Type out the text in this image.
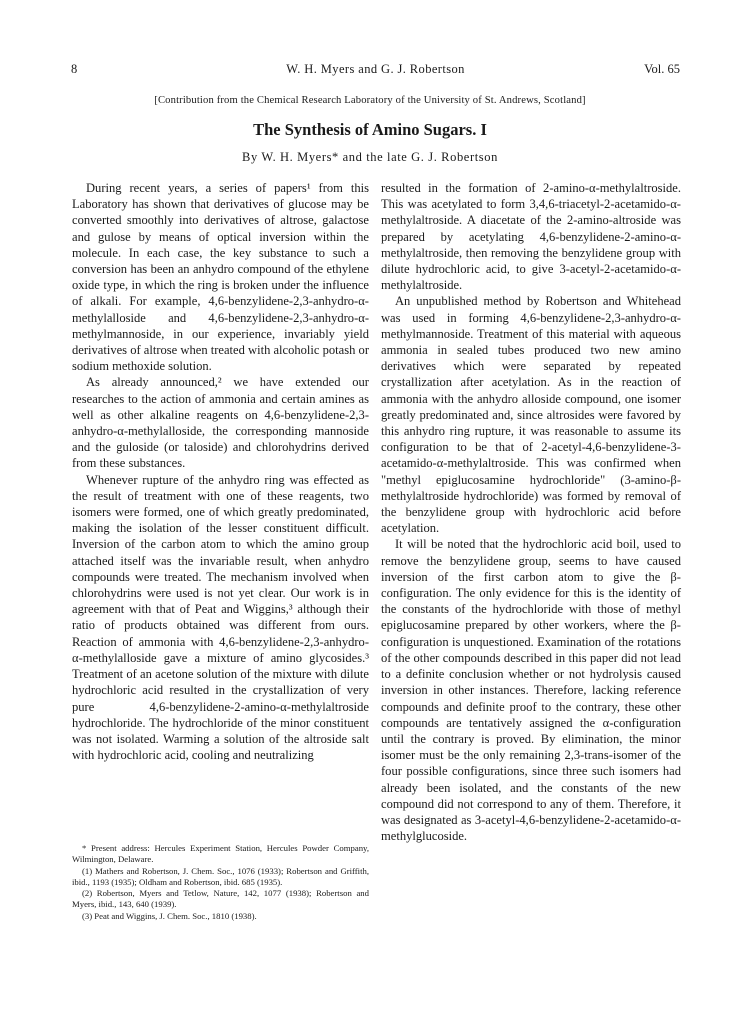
8	W. H. Myers and G. J. Robertson	Vol. 65
[Contribution from the Chemical Research Laboratory of the University of St. Andrews, Scotland]
The Synthesis of Amino Sugars. I
By W. H. Myers* and the late G. J. Robertson

During recent years, a series of papers¹ from this Laboratory has shown that derivatives of glucose may be converted smoothly into derivatives of altrose, galactose and gulose by means of optical inversion within the molecule. In each case, the key substance to such a conversion has been an anhydro compound of the ethylene oxide type, in which the ring is broken under the influence of alkali. For example, 4,6-benzylidene-2,3-anhydro-α-methylalloside and 4,6-benzylidene-2,3-anhydro-α-methylmannoside, in our experience, invariably yield derivatives of altrose when treated with alcoholic potash or sodium methoxide solution.

As already announced,² we have extended our researches to the action of ammonia and certain amines as well as other alkaline reagents on 4,6-benzylidene-2,3-anhydro-α-methylalloside, the corresponding mannoside and the guloside (or taloside) and chlorohydrins derived from these substances.

Whenever rupture of the anhydro ring was effected as the result of treatment with one of these reagents, two isomers were formed, one of which greatly predominated, making the isolation of the lesser constituent difficult. Inversion of the carbon atom to which the amino group attached itself was the invariable result, when anhydro compounds were treated. The mechanism involved when chlorohydrins were used is not yet clear. Our work is in agreement with that of Peat and Wiggins,³ although their ratio of products obtained was different from ours. Reaction of ammonia with 4,6-benzylidene-2,3-anhydro-α-methylalloside gave a mixture of amino glycosides.³ Treatment of an acetone solution of the mixture with dilute hydrochloric acid resulted in the crystallization of very pure 4,6-benzylidene-2-amino-α-methylaltroside hydrochloride. The hydrochloride of the minor constituent was not isolated. Warming a solution of the altroside salt with hydrochloric acid, cooling and neutralizing

* Present address: Hercules Experiment Station, Hercules Powder Company, Wilmington, Delaware.

(1) Mathers and Robertson, J. Chem. Soc., 1076 (1933); Robertson and Griffith, ibid., 1193 (1935); Oldham and Robertson, ibid. 685 (1935).

(2) Robertson, Myers and Tetlow, Nature, 142, 1077 (1938); Robertson and Myers, ibid., 143, 640 (1939).

(3) Peat and Wiggins, J. Chem. Soc., 1810 (1938).

resulted in the formation of 2-amino-α-methylaltroside. This was acetylated to form 3,4,6-triacetyl-2-acetamido-α-methylaltroside. A diacetate of the 2-amino-altroside was prepared by acetylating 4,6-benzylidene-2-amino-α-methylaltroside, then removing the benzylidene group with dilute hydrochloric acid, to give 3-acetyl-2-acetamido-α-methylaltroside.

An unpublished method by Robertson and Whitehead was used in forming 4,6-benzylidene-2,3-anhydro-α-methylmannoside. Treatment of this material with aqueous ammonia in sealed tubes produced two new amino derivatives which were separated by repeated crystallization after acetylation. As in the reaction of ammonia with the anhydro alloside compound, one isomer greatly predominated and, since altrosides were favored by this anhydro ring rupture, it was reasonable to assume its configuration to be that of 2-acetyl-4,6-benzylidene-3-acetamido-α-methylaltroside. This was confirmed when "methyl epiglucosamine hydrochloride" (3-amino-β-methylaltroside hydrochloride) was formed by removal of the benzylidene group with hydrochloric acid before acetylation.

It will be noted that the hydrochloric acid boil, used to remove the benzylidene group, seems to have caused inversion of the first carbon atom to give the β-configuration. The only evidence for this is the identity of the constants of the hydrochloride with those of methyl epiglucosamine prepared by other workers, where the β-configuration is unquestioned. Examination of the rotations of the other compounds described in this paper did not lead to a definite conclusion whether or not hydrolysis caused inversion in other instances. Therefore, lacking reference compounds and definite proof to the contrary, these other compounds are tentatively assigned the α-configuration until the contrary is proved. By elimination, the minor isomer must be the only remaining 2,3-trans-isomer of the four possible configurations, since three such isomers had already been isolated, and the constants of the new compound did not correspond to any of them. Therefore, it was designated as 3-acetyl-4,6-benzylidene-2-acetamido-α-methylglucoside.
